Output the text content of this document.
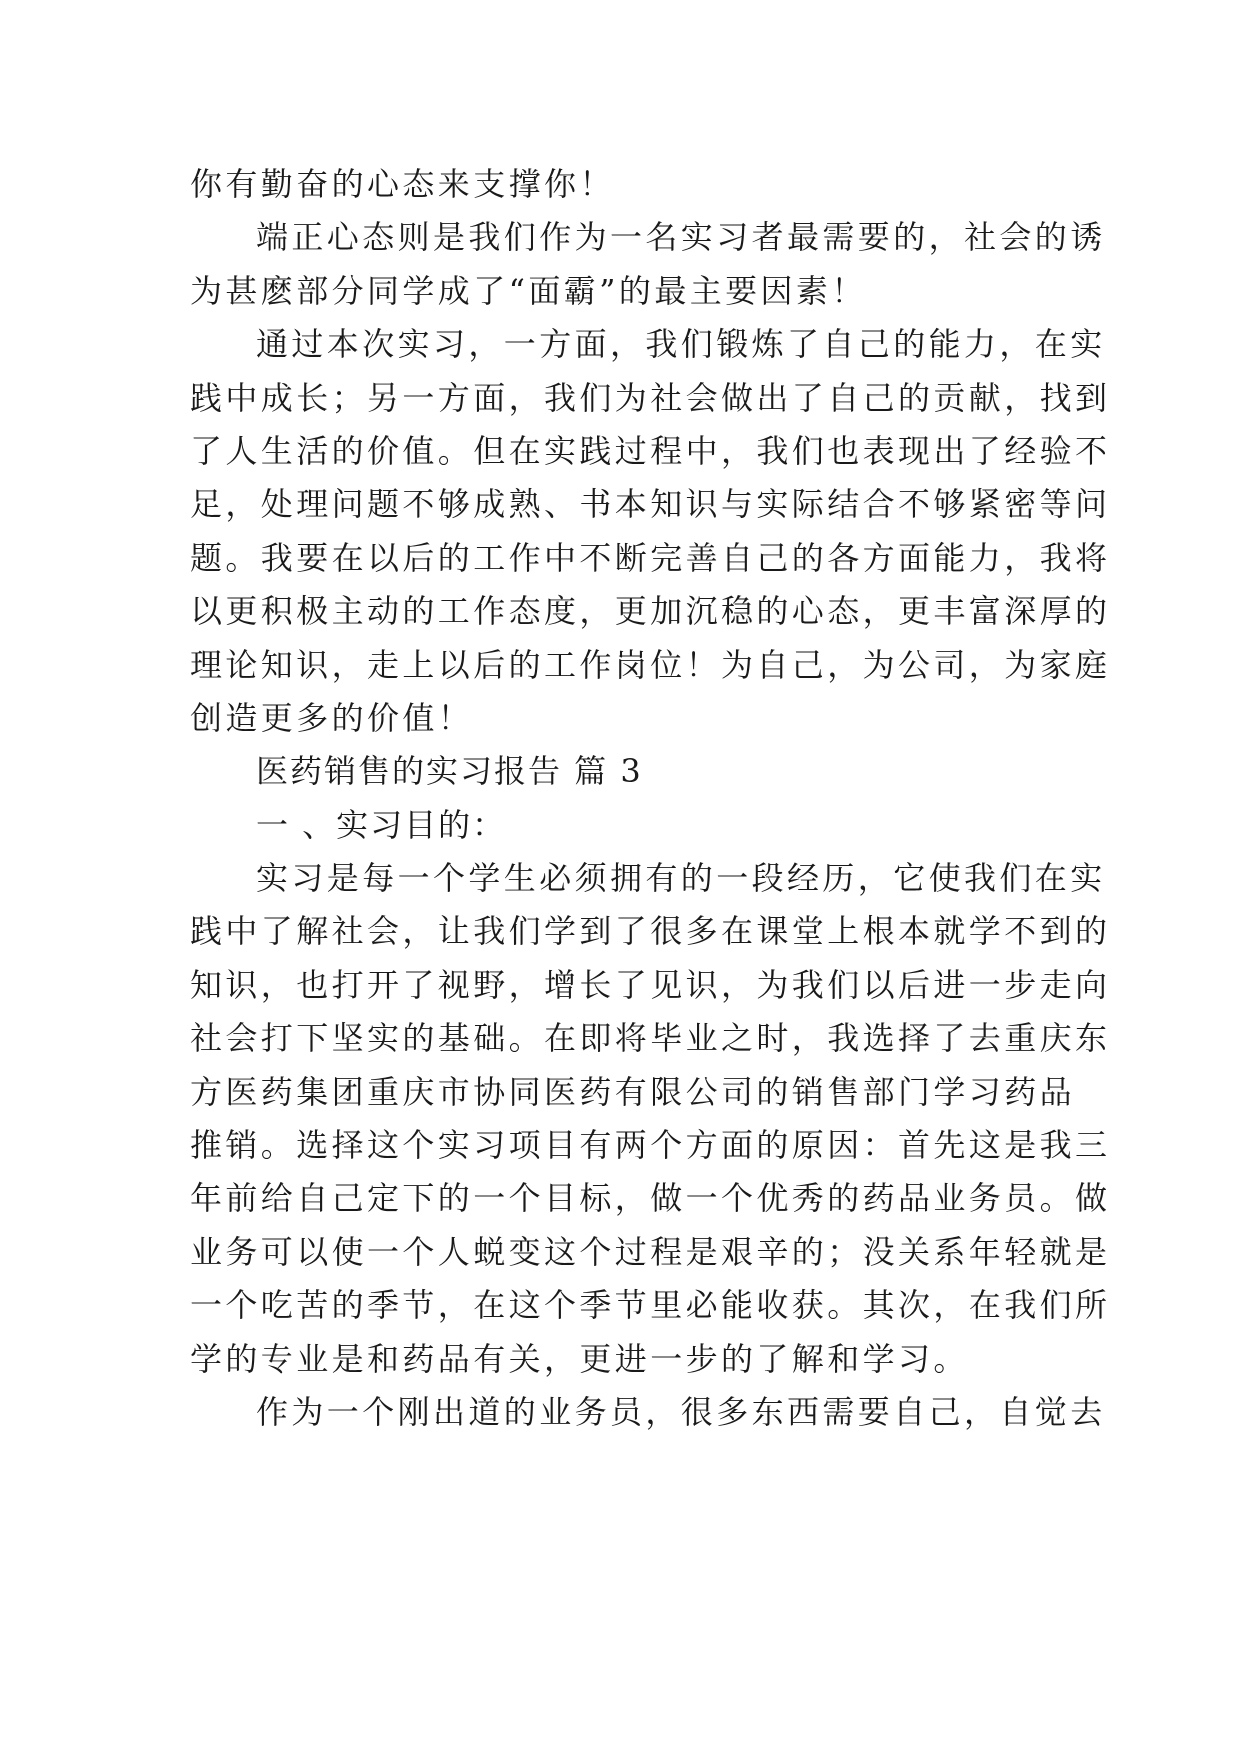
你有勤奋的心态来支撑你！
端正心态则是我们作为一名实习者最需要的，社会的诱
为甚麽部分同学成了“面霸”的最主要因素！
通过本次实习，一方面，我们锻炼了自己的能力，在实
践中成长；另一方面，我们为社会做出了自己的贡献，找到
了人生活的价值。但在实践过程中，我们也表现出了经验不
足，处理问题不够成熟、书本知识与实际结合不够紧密等问
题。我要在以后的工作中不断完善自己的各方面能力，我将
以更积极主动的工作态度，更加沉稳的心态，更丰富深厚的
理论知识，走上以后的工作岗位！为自己，为公司，为家庭
创造更多的价值！
医药销售的实习报告 篇 3
一 、实习目的：
实习是每一个学生必须拥有的一段经历，它使我们在实
践中了解社会，让我们学到了很多在课堂上根本就学不到的
知识，也打开了视野，增长了见识，为我们以后进一步走向
社会打下坚实的基础。在即将毕业之时，我选择了去重庆东
方医药集团重庆市协同医药有限公司的销售部门学习药品
推销。选择这个实习项目有两个方面的原因：首先这是我三
年前给自己定下的一个目标，做一个优秀的药品业务员。做
业务可以使一个人蜕变这个过程是艰辛的；没关系年轻就是
一个吃苦的季节，在这个季节里必能收获。其次，在我们所
学的专业是和药品有关，更进一步的了解和学习。
作为一个刚出道的业务员，很多东西需要自己，自觉去
